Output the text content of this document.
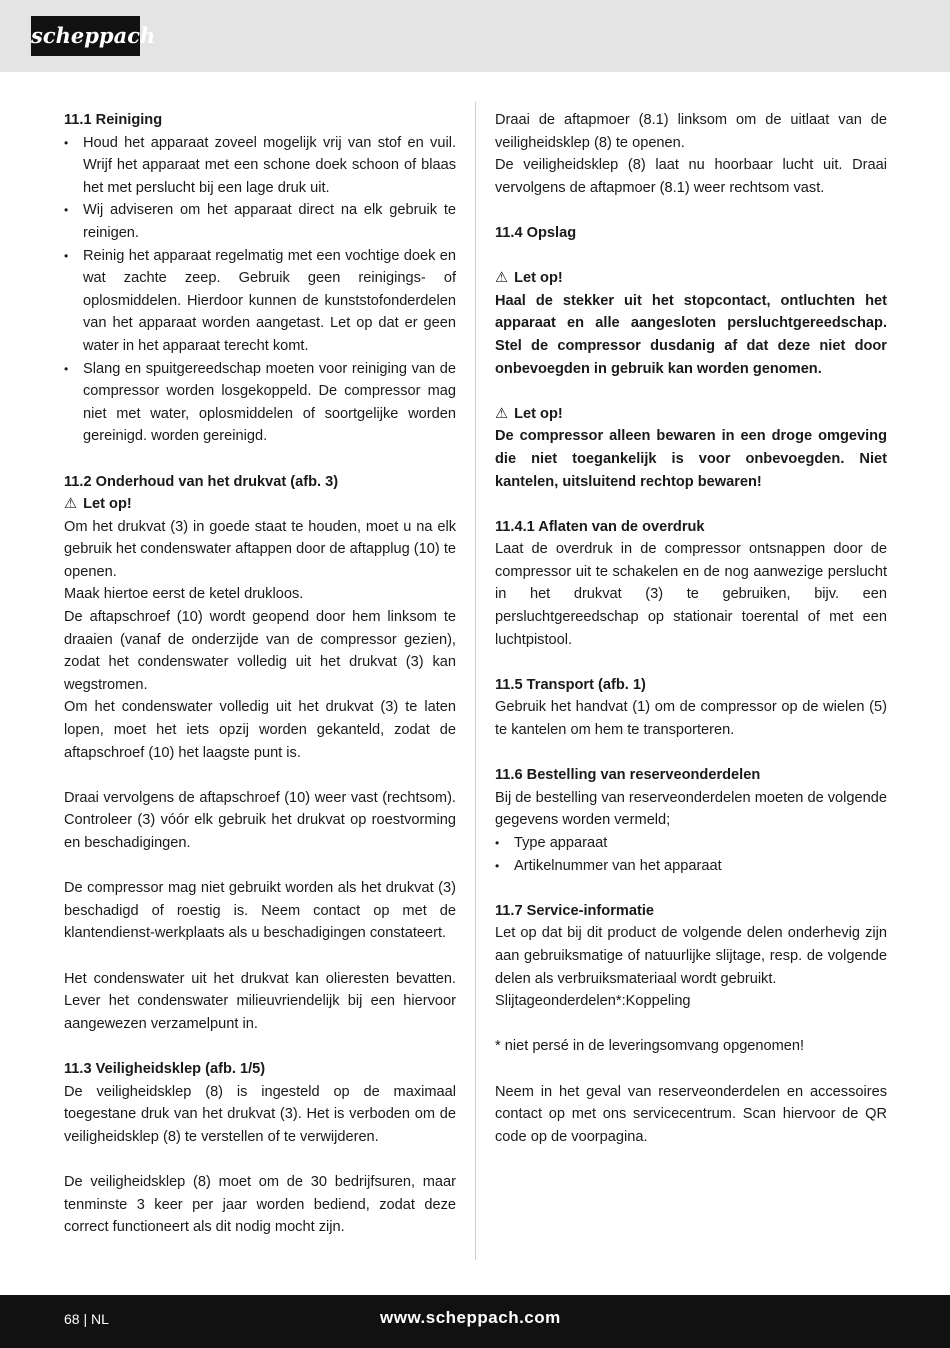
scheppach

11.1 Reiniging

• Houd het apparaat zoveel mogelijk vrij van stof en vuil. Wrijf het apparaat met een schone doek schoon of blaas het met perslucht bij een lage druk uit.
• Wij adviseren om het apparaat direct na elk gebruik te reinigen.
• Reinig het apparaat regelmatig met een vochtige doek en wat zachte zeep. Gebruik geen reinigings- of oplosmiddelen. Hierdoor kunnen de kunststofonderdelen van het apparaat worden aangetast. Let op dat er geen water in het apparaat terecht komt.
• Slang en spuitgereedschap moeten voor reiniging van de compressor worden losgekoppeld. De compressor mag niet met water, oplosmiddelen of soortgelijke worden gereinigd. worden gereinigd.

11.2 Onderhoud van het drukvat (afb. 3)

⚠ Let op!

Om het drukvat (3) in goede staat te houden, moet u na elk gebruik het condenswater aftappen door de aftapplug (10) te openen.

Maak hiertoe eerst de ketel drukloos.

De aftapschroef (10) wordt geopend door hem linksom te draaien (vanaf de onderzijde van de compressor gezien), zodat het condenswater volledig uit het drukvat (3) kan wegstromen.

Om het condenswater volledig uit het drukvat (3) te laten lopen, moet het iets opzij worden gekanteld, zodat de aftapschroef (10) het laagste punt is.

Draai vervolgens de aftapschroef (10) weer vast (rechtsom). Controleer (3) vóór elk gebruik het drukvat op roestvorming en beschadigingen.

De compressor mag niet gebruikt worden als het drukvat (3) beschadigd of roestig is. Neem contact op met de klantendienst-werkplaats als u beschadigingen constateert.

Het condenswater uit het drukvat kan olieresten bevatten. Lever het condenswater milieuvriendelijk bij een hiervoor aangewezen verzamelpunt in.

11.3 Veiligheidsklep (afb. 1/5)

De veiligheidsklep (8) is ingesteld op de maximaal toegestane druk van het drukvat (3). Het is verboden om de veiligheidsklep (8) te verstellen of te verwijderen.

De veiligheidsklep (8) moet om de 30 bedrijfsuren, maar tenminste 3 keer per jaar worden bediend, zodat deze correct functioneert als dit nodig mocht zijn.

Draai de aftapmoer (8.1) linksom om de uitlaat van de veiligheidsklep (8) te openen.

De veiligheidsklep (8) laat nu hoorbaar lucht uit. Draai vervolgens de aftapmoer (8.1) weer rechtsom vast.

11.4 Opslag

⚠ Let op!

Haal de stekker uit het stopcontact, ontluchten het apparaat en alle aangesloten persluchtgereedschap. Stel de compressor dusdanig af dat deze niet door onbevoegden in gebruik kan worden genomen.

⚠ Let op!

De compressor alleen bewaren in een droge omgeving die niet toegankelijk is voor onbevoegden. Niet kantelen, uitsluitend rechtop bewaren!

11.4.1 Aflaten van de overdruk

Laat de overdruk in de compressor ontsnappen door de compressor uit te schakelen en de nog aanwezige perslucht in het drukvat (3) te gebruiken, bijv. een persluchtgereedschap op stationair toerental of met een luchtpistool.

11.5 Transport (afb. 1)

Gebruik het handvat (1) om de compressor op de wielen (5) te kantelen om hem te transporteren.

11.6 Bestelling van reserveonderdelen

Bij de bestelling van reserveonderdelen moeten de volgende gegevens worden vermeld;

• Type apparaat
• Artikelnummer van het apparaat

11.7 Service-informatie

Let op dat bij dit product de volgende delen onderhevig zijn aan gebruiksmatige of natuurlijke slijtage, resp. de volgende delen als verbruiksmateriaal wordt gebruikt.

Slijtageonderdelen*:Koppeling

* niet persé in de leveringsomvang opgenomen!

Neem in het geval van reserveonderdelen en accessoires contact op met ons servicecentrum. Scan hiervoor de QR code op de voorpagina.

68 | NL	www.scheppach.com
